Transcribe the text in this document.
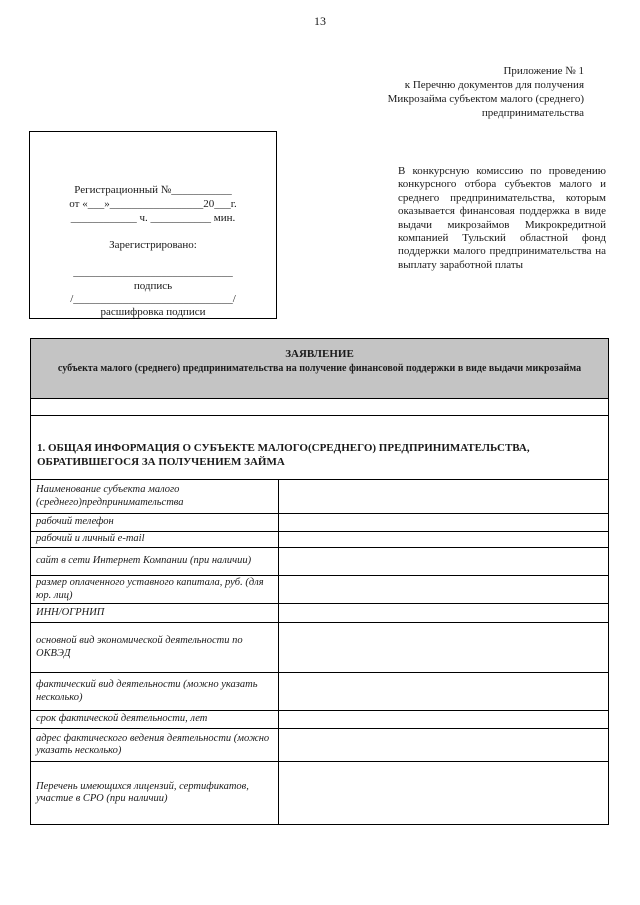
13
Приложение № 1
к Перечню документов для получения
Микрозайма субъектом малого (среднего)
предпринимательства
Регистрационный №___________
от «___»_________________20___г.
____________ ч. ___________ мин.
Зарегистрировано:
_____________________________
подпись
/_____________________________/
расшифровка подписи
В конкурсную комиссию по проведению конкурсного отбора субъектов малого и среднего предпринимательства, которым оказывается финансовая поддержка в виде выдачи микрозаймов Микрокредитной компанией Тульский областной фонд поддержки малого предпринимательства на выплату заработной платы
ЗАЯВЛЕНИЕ
субъекта малого (среднего) предпринимательства на получение финансовой поддержки в виде выдачи микрозайма
1. ОБЩАЯ ИНФОРМАЦИЯ О СУБЪЕКТЕ МАЛОГО(СРЕДНЕГО) ПРЕДПРИНИМАТЕЛЬСТВА, ОБРАТИВШЕГОСЯ ЗА ПОЛУЧЕНИЕМ ЗАЙМА
Наименование субъекта малого (среднего)предпринимательства
рабочий телефон
рабочий и личный e-mail
сайт в сети Интернет Компании (при наличии)
размер оплаченного уставного капитала, руб. (для юр. лиц)
ИНН/ОГРНИП
основной вид экономической деятельности по ОКВЭД
фактический вид деятельности (можно указать несколько)
срок фактической деятельности, лет
адрес фактического ведения деятельности (можно указать несколько)
Перечень имеющихся лицензий, сертификатов, участие в СРО (при наличии)
